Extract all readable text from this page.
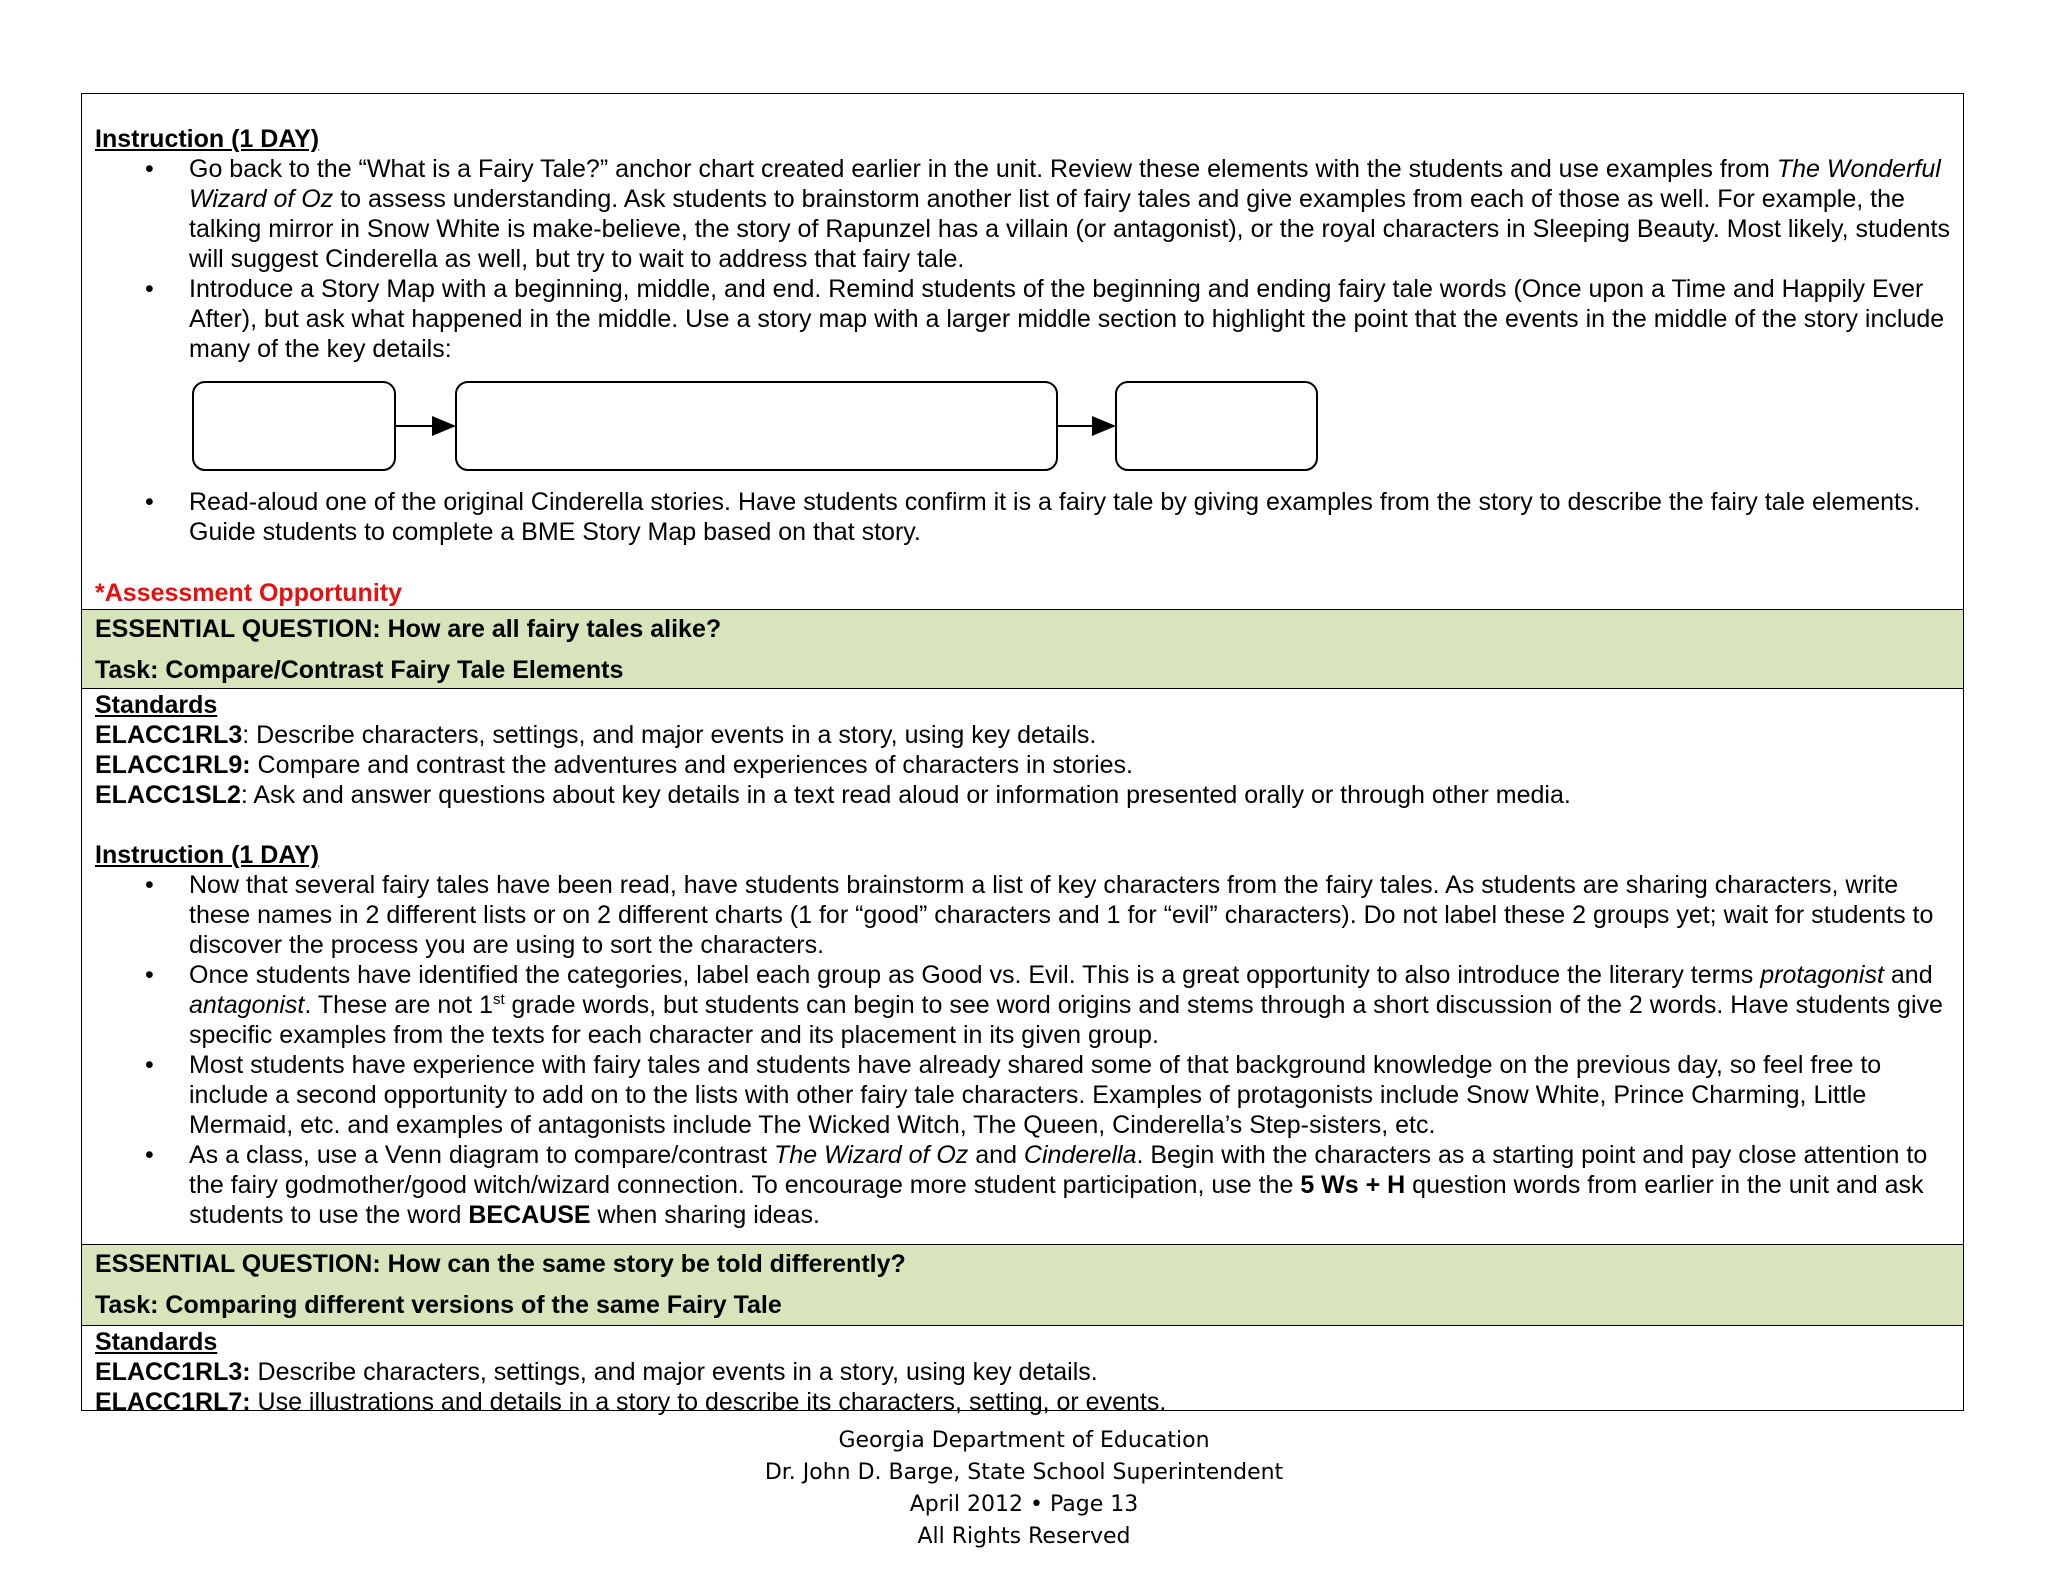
Instruction (1 DAY)
• Go back to the “What is a Fairy Tale?” anchor chart created earlier in the unit. Review these elements with the students and use examples from The Wonderful Wizard of Oz to assess understanding. Ask students to brainstorm another list of fairy tales and give examples from each of those as well. For example, the talking mirror in Snow White is make-believe, the story of Rapunzel has a villain (or antagonist), or the royal characters in Sleeping Beauty. Most likely, students will suggest Cinderella as well, but try to wait to address that fairy tale.
• Introduce a Story Map with a beginning, middle, and end. Remind students of the beginning and ending fairy tale words (Once upon a Time and Happily Ever After), but ask what happened in the middle. Use a story map with a larger middle section to highlight the point that the events in the middle of the story include many of the key details:
• Read-aloud one of the original Cinderella stories. Have students confirm it is a fairy tale by giving examples from the story to describe the fairy tale elements. Guide students to complete a BME Story Map based on that story.
*Assessment Opportunity
ESSENTIAL QUESTION: How are all fairy tales alike?
Task: Compare/Contrast Fairy Tale Elements
Standards
ELACC1RL3: Describe characters, settings, and major events in a story, using key details.
ELACC1RL9: Compare and contrast the adventures and experiences of characters in stories.
ELACC1SL2: Ask and answer questions about key details in a text read aloud or information presented orally or through other media.
Instruction (1 DAY)
• Now that several fairy tales have been read, have students brainstorm a list of key characters from the fairy tales. As students are sharing characters, write these names in 2 different lists or on 2 different charts (1 for “good” characters and 1 for “evil” characters). Do not label these 2 groups yet; wait for students to discover the process you are using to sort the characters.
• Once students have identified the categories, label each group as Good vs. Evil. This is a great opportunity to also introduce the literary terms protagonist and antagonist. These are not 1st grade words, but students can begin to see word origins and stems through a short discussion of the 2 words. Have students give specific examples from the texts for each character and its placement in its given group.
• Most students have experience with fairy tales and students have already shared some of that background knowledge on the previous day, so feel free to include a second opportunity to add on to the lists with other fairy tale characters. Examples of protagonists include Snow White, Prince Charming, Little Mermaid, etc. and examples of antagonists include The Wicked Witch, The Queen, Cinderella’s Step-sisters, etc.
• As a class, use a Venn diagram to compare/contrast The Wizard of Oz and Cinderella. Begin with the characters as a starting point and pay close attention to the fairy godmother/good witch/wizard connection. To encourage more student participation, use the 5 Ws + H question words from earlier in the unit and ask students to use the word BECAUSE when sharing ideas.
ESSENTIAL QUESTION: How can the same story be told differently?
Task: Comparing different versions of the same Fairy Tale
Standards
ELACC1RL3: Describe characters, settings, and major events in a story, using key details.
ELACC1RL7: Use illustrations and details in a story to describe its characters, setting, or events.
Georgia Department of Education
Dr. John D. Barge, State School Superintendent
April 2012 • Page 13
All Rights Reserved
